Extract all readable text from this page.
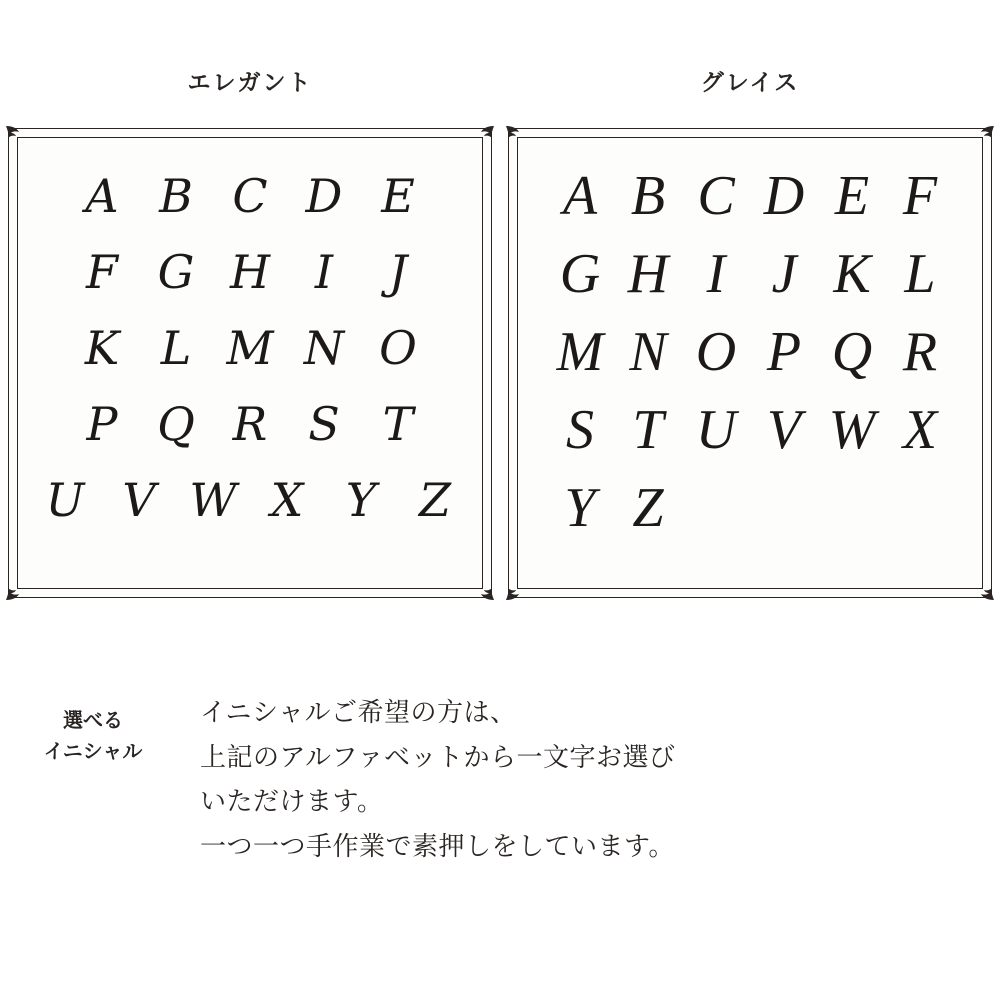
エレガント	グレイス
A B C D E
F G H I	J
K L M N O
P Q R S T
U V W X Y Z
A B C D E F
G H I J K L
M N O P Q R
S T U V W X
Y Z
選べる
イニシャル

イニシャルご希望の方は、

上記のアルファベットから一文字お選び

いただけます。

一つ一つ手作業で素押しをしています。
